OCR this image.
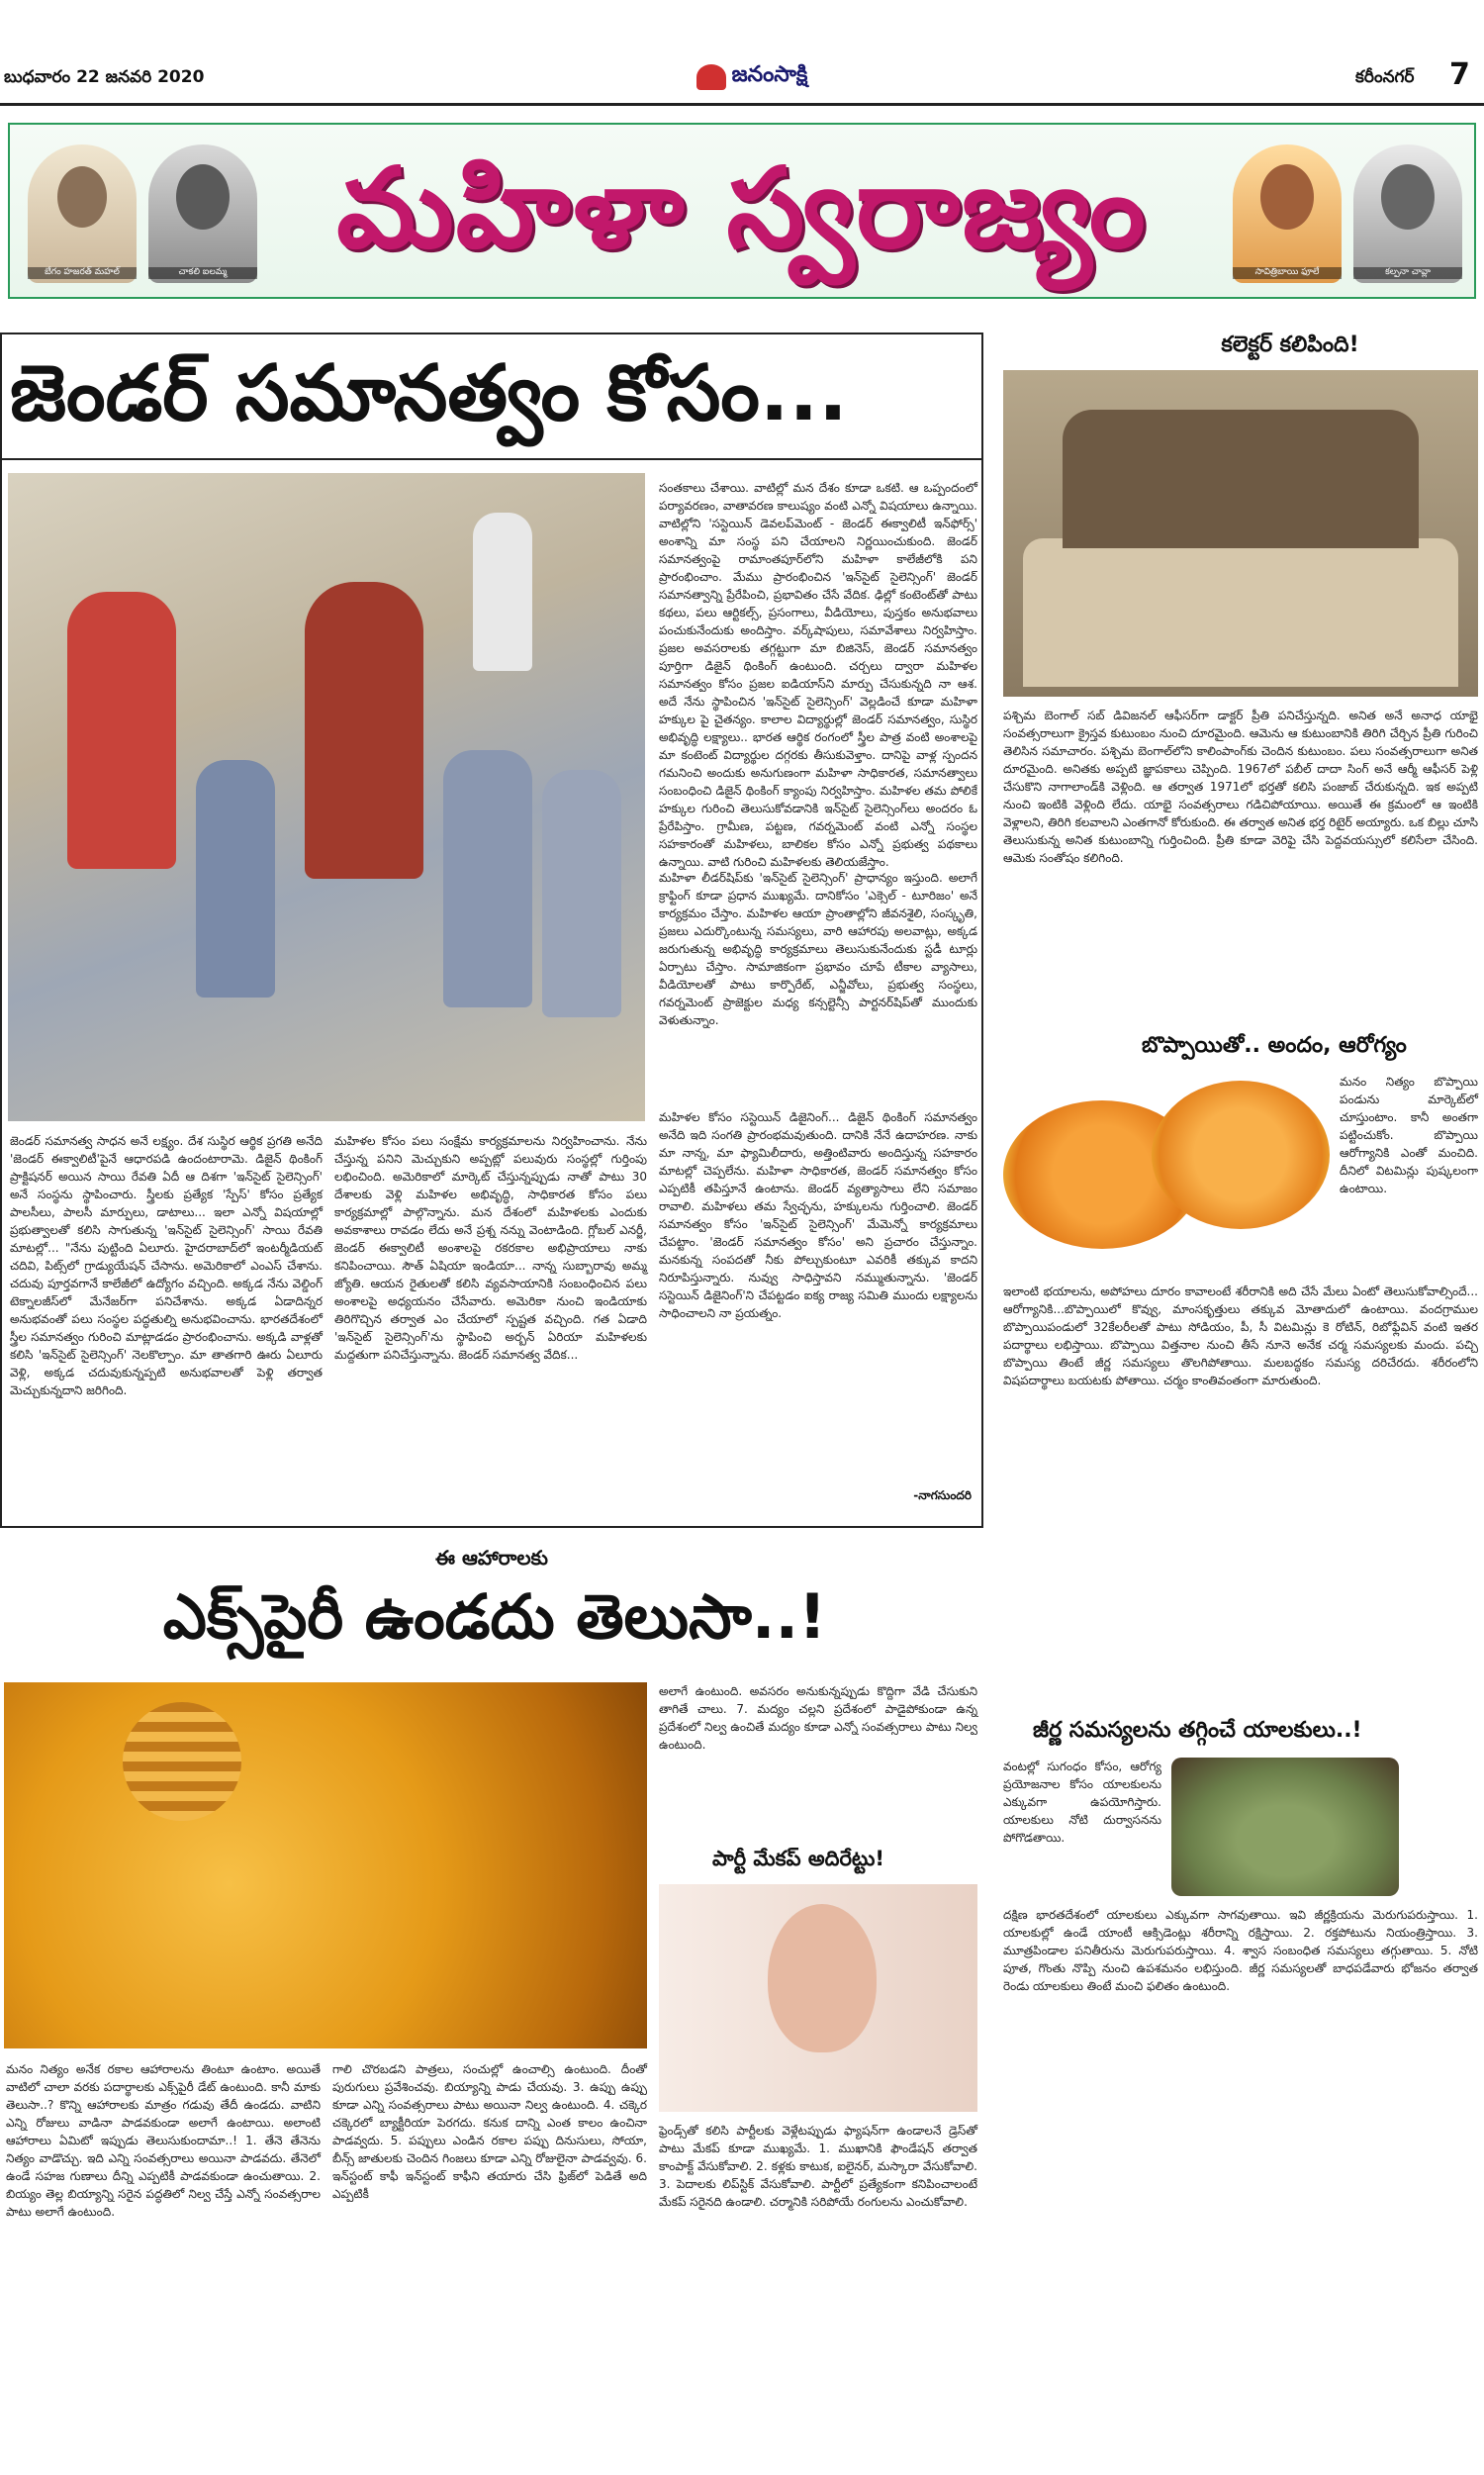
బుధవారం 22 జనవరి 2020	జనంసాక్షి	కరీంనగర్ 7
బేగం హజరత్ మహల్	చాకలి ఐలమ్మ మహిళా స్వరాజ్యం	సావిత్రిబాయి ఫూలే	కల్పనా చావ్లా
జెండర్ సమానత్వం కోసం...
సంతకాలు చేశాయి. వాటిల్లో మన దేశం కూడా ఒకటి. ఆ ఒప్పందంలో పర్యావరణం, వాతావరణ కాలుష్యం వంటి ఎన్నో విషయాలు ఉన్నాయి. వాటిల్లోని 'సస్టెయిన్ డెవలప్‌మెంట్ - జెండర్ ఈక్వాలిటీ ఇన్‌ఫోర్స్' అంశాన్ని మా సంస్థ పని చేయాలని నిర్ణయించుకుంది. జెండర్ సమానత్వంపై రామాంతపూర్‌లోని మహిళా కాలేజీలోకి పని ప్రారంభించాం. మేము ప్రారంభించిన 'ఇన్‌సైట్ సైలెన్సింగ్' జెండర్ సమానత్వాన్ని ప్రేరేపించి, ప్రభావితం చేసే వేదిక. ఢిల్లో కంటెంట్‌తో పాటు కథలు, పలు ఆర్టికల్స్, ప్రసంగాలు, వీడియోలు, పుస్తకం అనుభవాలు పంచుకునేందుకు అందిస్తాం. వర్క్‌షాపులు, సమావేశాలు నిర్వహిస్తాం. ప్రజల అవసరాలకు తగ్గట్టుగా మా బిజినెస్, జెండర్ సమానత్వం పూర్తిగా డిజైన్ థింకింగ్ ఉంటుంది. చర్చలు ద్వారా మహిళల సమానత్వం కోసం ప్రజల ఐడియాస్‌ని మార్పు చేసుకున్నది నా ఆశ. అదే నేను స్థాపించిన 'ఇన్‌సైట్ సైలెన్సింగ్' వెల్లడించే కూడా మహిళా హక్కుల పై చైతన్యం. కాలాల విద్యార్థుల్లో జెండర్ సమానత్వం, సుస్థిర అభివృద్ధి లక్ష్యాలు.. భారత ఆర్థిక రంగంలో స్త్రీల పాత్ర వంటి అంశాలపై మా కంటెంట్ విద్యార్థుల దగ్గరకు తీసుకువెళ్తాం. దానిపై వాళ్ల స్పందన గమనించి అందుకు అనుగుణంగా మహిళా సాధికారత, సమానత్వాలు సంబంధించి డిజైన్ థింకింగ్ క్యాంపు నిర్వహిస్తాం. మహిళల తమ పోలికే హక్కుల గురించి తెలుసుకోవడానికి ఇన్‌సైట్ సైలెన్సింగ్‌లు అందరం ఓ ప్రేరేపిస్తాం. గ్రామీణ, పట్టణ, గవర్నమెంట్ వంటి ఎన్నో సంస్థల సహకారంతో మహిళలు, బాలికల కోసం ఎన్నో ప్రభుత్వ పథకాలు ఉన్నాయి. వాటి గురించి మహిళలకు తెలియజేస్తాం.
మహిళా లీడర్‌షిప్‌కు 'ఇన్‌సైట్ సైలెన్సింగ్' ప్రాధాన్యం ఇస్తుంది. అలాగే క్రాఫ్టింగ్ కూడా ప్రధాన ముఖ్యమే. దానికోసం 'ఎక్సెల్ - టూరిజం' అనే కార్యక్రమం చేస్తాం. మహిళల ఆయా ప్రాంతాల్లోని జీవనశైలి, సంస్కృతి, ప్రజలు ఎదుర్కొంటున్న సమస్యలు, వారి ఆహారపు అలవాట్లు, అక్కడ జరుగుతున్న అభివృద్ధి కార్యక్రమాలు తెలుసుకునేందుకు స్టడీ టూర్లు ఏర్పాటు చేస్తాం. సామాజికంగా ప్రభావం చూపే టీకాల వ్యాసాలు, వీడియోలతో పాటు కార్పొరేట్, ఎన్జీవోలు, ప్రభుత్వ సంస్థలు, గవర్నమెంట్ ప్రాజెక్టుల మధ్య కన్సల్టెన్సీ పార్టనర్‌షిప్‌తో ముందుకు వెళుతున్నాం.
మహిళల కోసం సస్టెయిన్ డిజైనింగ్... డిజైన్ థింకింగ్ సమానత్వం అనేది ఇది సంగతి ప్రారంభమవుతుంది. దానికి నేనే ఉదాహరణ. నాకు మా నాన్న, మా ఫ్యామిలీదారు, అత్తింటివారు అందిస్తున్న సహకారం మాటల్లో చెప్పలేను. మహిళా సాధికారత, జెండర్ సమానత్వం కోసం ఎప్పటికీ తపిస్తూనే ఉంటాను. జెండర్ వ్యత్యాసాలు లేని సమాజం రావాలి. మహిళలు తమ స్వేచ్ఛను, హక్కులను గుర్తించాలి. జెండర్ సమానత్వం కోసం 'ఇన్‌సైట్ సైలెన్సింగ్' మేమెన్నో కార్యక్రమాలు చేపట్టాం. 'జెండర్ సమానత్వం కోసం' అని ప్రచారం చేస్తున్నాం. మనకున్న సంపదతో నీకు పోల్చుకుంటూ ఎవరికీ తక్కువ కాదని నిరూపిస్తున్నారు. నువ్వు సాధిస్తావని నమ్ముతున్నాను. 'జెండర్ సస్టెయిన్ డిజైనింగ్'ని చేపట్టడం ఐక్య రాజ్య సమితి ముందు లక్ష్యాలను సాధించాలని నా ప్రయత్నం.
-నాగసుందరి
జెండర్ సమానత్వ సాధన అనే లక్ష్యం. దేశ సుస్థిర ఆర్థిక ప్రగతి అనేది 'జెండర్ ఈక్వాలిటీ'పైనే ఆధారపడి ఉందంటారామె. డిజైన్ థింకింగ్ ప్రాక్టిషనర్ అయిన సాయి రేవతి ఏదీ ఆ దిశగా 'ఇన్‌సైట్ సైలెన్సింగ్' అనే సంస్థను స్థాపించారు. స్త్రీలకు ప్రత్యేక 'స్పేస్' కోసం ప్రత్యేక పాలసీలు, పాలసీ మార్పులు, డాటాలు... ఇలా ఎన్నో విషయాల్లో ప్రభుత్వాలతో కలిసి సాగుతున్న 'ఇన్‌సైట్ సైలెన్సింగ్' సాయి రేవతి మాటల్లో... "నేను పుట్టింది ఏలూరు. హైదరాబాద్‌లో ఇంటర్మీడియట్ చదివి, పిట్స్‌లో గ్రాడ్యుయేషన్ చేసాను. అమెరికాలో ఎంఎస్ చేశాను. చదువు పూర్తవగానే కాలేజీలో ఉద్యోగం వచ్చింది. అక్కడ నేను వెల్డింగ్ టెక్నాలజీస్‌లో మేనేజర్‌గా పనిచేశాను. అక్కడ ఏడాదిన్నర అనుభవంతో పలు సంస్థల పద్ధతుల్ని అనుభవించాను. భారతదేశంలో స్త్రీల సమానత్వం గురించి మాట్లాడడం ప్రారంభించాను. అక్కడి వాళ్లతో కలిసి 'ఇన్‌సైట్ సైలెన్సింగ్' నెలకొల్పాం. మా తాతగారి ఊరు ఏలూరు వెళ్లి, అక్కడ చదువుకున్నప్పటి అనుభవాలతో పెళ్లి తర్వాత మెచ్చుకున్నదాని జరిగింది.
మహిళల కోసం పలు సంక్షేమ కార్యక్రమాలను నిర్వహించాను. నేను చేస్తున్న పనిని మెచ్చుకుని అప్పట్లో పలువురు సంస్థల్లో గుర్తింపు లభించింది. అమెరికాలో మార్కెట్ చేస్తున్నప్పుడు నాతో పాటు 30 దేశాలకు వెళ్లి మహిళల అభివృద్ధి, సాధికారత కోసం పలు కార్యక్రమాల్లో పాల్గొన్నాను. మన దేశంలో మహిళలకు ఎందుకు అవకాశాలు రావడం లేదు అనే ప్రశ్న నన్ను వెంటాడింది. గ్లోబల్ ఎనర్జీ, జెండర్ ఈక్వాలిటీ అంశాలపై రకరకాల అభిప్రాయాలు నాకు కనిపించాయి. సౌత్ ఏషియా ఇండియా... నాన్న సుబ్బారావు అమ్మ జ్యోతి. ఆయన రైతులతో కలిసి వ్యవసాయానికి సంబంధించిన పలు అంశాలపై అధ్యయనం చేసేవారు. అమెరికా నుంచి ఇండియాకు తిరిగొచ్చిన తర్వాత ఎం చేయాలో స్పష్టత వచ్చింది. గత ఏడాది 'ఇన్‌సైట్ సైలెన్సింగ్'ను స్థాపించి అర్బన్ ఏరియా మహిళలకు మద్దతుగా పనిచేస్తున్నాను. జెండర్ సమానత్వ వేదిక...
కలెక్టర్ కలిపింది!
పశ్చిమ బెంగాల్ సబ్ డివిజనల్ ఆఫీసర్‌గా డాక్టర్ ప్రీతి పనిచేస్తున్నది. అనిత అనే అనాధ యాభై సంవత్సరాలుగా క్రైస్తవ కుటుంబం నుంచి దూరమైంది. ఆమెను ఆ కుటుంబానికి తిరిగి చేర్చిన ప్రీతి గురించి తెలిసిన సమాచారం. పశ్చిమ బెంగాల్‌లోని కాలింపాంగ్‌కు చెందిన కుటుంబం. పలు సంవత్సరాలుగా అనిత దూరమైంది. అనితకు అప్పటి జ్ఞాపకాలు చెప్పింది. 1967లో పబీల్ దాదా సింగ్ అనే ఆర్మీ ఆఫీసర్ పెళ్లి చేసుకొని నాగాలాండ్‌కి వెళ్లింది. ఆ తర్వాత 1971లో భర్తతో కలిసి పంజాబ్ చేరుకున్నది. ఇక అప్పటి నుంచి ఇంటికి వెళ్లింది లేదు. యాభై సంవత్సరాలు గడిచిపోయాయి. అయితే ఈ క్రమంలో ఆ ఇంటికి వెళ్లాలని, తిరిగి కలవాలని ఎంతగానో కోరుకుంది. ఈ తర్వాత అనిత భర్త రిటైర్ అయ్యారు. ఒక బిల్లు చూసి తెలుసుకున్న అనిత కుటుంబాన్ని గుర్తించింది. ప్రీతి కూడా వెరిఫై చేసి పెద్దవయస్సులో కలిసేలా చేసింది. ఆమెకు సంతోషం కలిగింది.
బొప్పాయితో.. అందం, ఆరోగ్యం
మనం నిత్యం బొప్పాయి పండును మార్కెట్‌లో చూస్తుంటాం. కానీ అంతగా పట్టించుకోం. బొప్పాయి ఆరోగ్యానికి ఎంతో మంచిది. దీనిలో విటమిన్లు పుష్కలంగా ఉంటాయి.
ఇలాంటి భయాలను, అపోహలు దూరం కావాలంటే శరీరానికి అది చేసే మేలు ఏంటో తెలుసుకోవాల్సిందే... ఆరోగ్యానికి...బొప్పాయిలో కొవ్వు, మాంసకృత్తులు తక్కువ మోతాదులో ఉంటాయి. వందగ్రాముల బొప్పాయిపండులో 32కేలరీలతో పాటు సోడియం, పీ, సీ విటమిన్లు కె రోటిన్, రిబోఫ్లేవిన్ వంటి ఇతర పదార్థాలు లభిస్తాయి. బొప్పాయి విత్తనాల నుంచి తీసే నూనె అనేక చర్మ సమస్యలకు మందు. పచ్చి బొప్పాయి తింటే జీర్ణ సమస్యలు తొలగిపోతాయి. మలబద్ధకం సమస్య దరిచేరదు. శరీరంలోని విషపదార్థాలు బయటకు పోతాయి. చర్మం కాంతివంతంగా మారుతుంది.
జీర్ణ సమస్యలను తగ్గించే యాలకులు..!
వంటల్లో సుగంధం కోసం, ఆరోగ్య ప్రయోజనాల కోసం యాలకులను ఎక్కువగా ఉపయోగిస్తారు. యాలకులు నోటి దుర్వాసనను పోగొడతాయి.
దక్షిణ భారతదేశంలో యాలకులు ఎక్కువగా సాగవుతాయి. ఇవి జీర్ణక్రియను మెరుగుపరుస్తాయి. 1. యాలకుల్లో ఉండే యాంటీ ఆక్సిడెంట్లు శరీరాన్ని రక్షిస్తాయి. 2. రక్తపోటును నియంత్రిస్తాయి. 3. మూత్రపిండాల పనితీరును మెరుగుపరుస్తాయి. 4. శ్వాస సంబంధిత సమస్యలు తగ్గుతాయి. 5. నోటి పూత, గొంతు నొప్పి నుంచి ఉపశమనం లభిస్తుంది. జీర్ణ సమస్యలతో బాధపడేవారు భోజనం తర్వాత రెండు యాలకులు తింటే మంచి ఫలితం ఉంటుంది.
ఈ ఆహారాలకు
ఎక్స్‌పైరీ ఉండదు తెలుసా..!
అలాగే ఉంటుంది. అవసరం అనుకున్నప్పుడు కొద్దిగా వేడి చేసుకుని తాగితే చాలు. 7. మద్యం చల్లని ప్రదేశంలో పాడైపోకుండా ఉన్న ప్రదేశంలో నిల్వ ఉంచితే మద్యం కూడా ఎన్నో సంవత్సరాలు పాటు నిల్వ ఉంటుంది.
పార్టీ మేకప్ అదిరేట్టు!
ఫ్రెండ్స్‌తో కలిసి పార్టీలకు వెళ్లేటప్పుడు ఫ్యాషన్‌గా ఉండాలనే డ్రెస్‌తో పాటు మేకప్ కూడా ముఖ్యమే. 1. ముఖానికి ఫౌండేషన్ తర్వాత కాంపాక్ట్ వేసుకోవాలి. 2. కళ్లకు కాటుక, ఐలైనర్, మస్కారా వేసుకోవాలి. 3. పెదాలకు లిప్‌స్టిక్ వేసుకోవాలి. పార్టీలో ప్రత్యేకంగా కనిపించాలంటే మేకప్ సరైనది ఉండాలి. చర్మానికి సరిపోయే రంగులను ఎంచుకోవాలి.
మనం నిత్యం అనేక రకాల ఆహారాలను తింటూ ఉంటాం. అయితే వాటిలో చాలా వరకు పదార్థాలకు ఎక్స్‌పైరీ డేట్ ఉంటుంది. కానీ మాకు తెలుసా..? కొన్ని ఆహారాలకు మాత్రం గడువు తేదీ ఉండదు. వాటిని ఎన్ని రోజులు వాడినా పాడవకుండా అలాగే ఉంటాయి. అలాంటి ఆహారాలు ఏమిటో ఇప్పుడు తెలుసుకుందామా..! 1. తేనె తేనెను నిత్యం వాడొచ్చు. ఇది ఎన్ని సంవత్సరాలు అయినా పాడవదు. తేనెలో ఉండే సహజ గుణాలు దీన్ని ఎప్పటికీ పాడవకుండా ఉంచుతాయి. 2. బియ్యం తెల్ల బియ్యాన్ని సరైన పద్ధతిలో నిల్వ చేస్తే ఎన్నో సంవత్సరాల పాటు అలాగే ఉంటుంది.
గాలి చొరబడని పాత్రలు, సంచుల్లో ఉంచాల్సి ఉంటుంది. దీంతో పురుగులు ప్రవేశించవు. బియ్యాన్ని పాడు చేయవు. 3. ఉప్పు ఉప్పు కూడా ఎన్ని సంవత్సరాలు పాటు అయినా నిల్వ ఉంటుంది. 4. చక్కెర చక్కెరలో బ్యాక్టీరియా పెరగదు. కనుక దాన్ని ఎంత కాలం ఉంచినా పాడవ్వదు. 5. పప్పులు ఎండిన రకాల పప్పు దినుసులు, సోయా, బీన్స్ జాతులకు చెందిన గింజలు కూడా ఎన్ని రోజులైనా పాడవ్వవు. 6. ఇన్‌స్టంట్ కాఫీ ఇన్‌స్టంట్ కాఫీని తయారు చేసి ఫ్రిజ్‌లో పెడితే అది ఎప్పటికీ
